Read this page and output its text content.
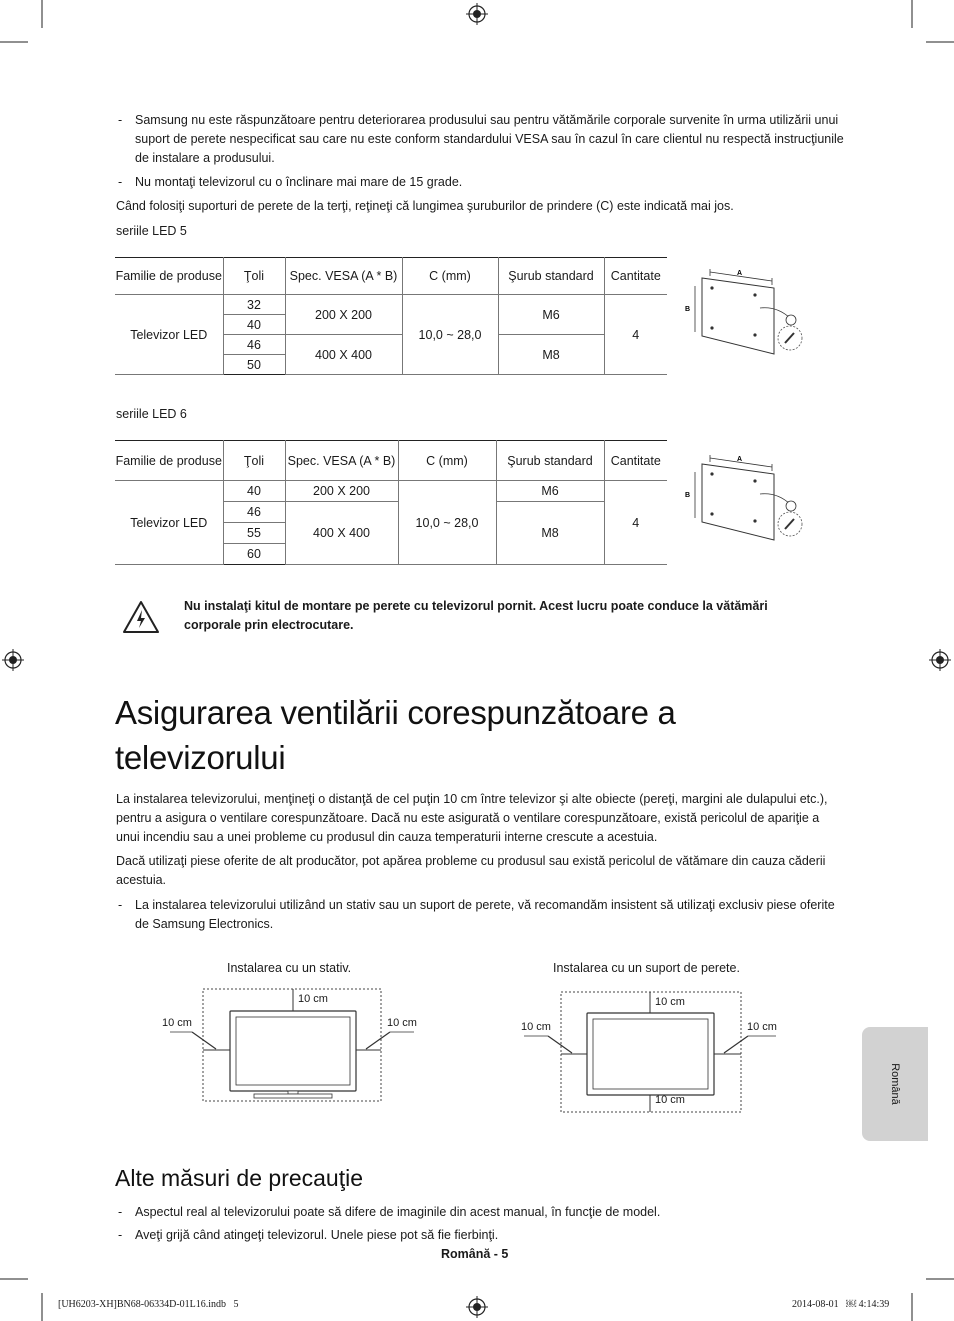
- Samsung nu este răspunzătoare pentru deteriorarea produsului sau pentru vătămările corporale survenite în urma utilizării unui suport de perete nespecificat sau care nu este conform standardului VESA sau în cazul în care clientul nu respectă instrucţiunile de instalare a produsului.
- Nu montaţi televizorul cu o înclinare mai mare de 15 grade.
Când folosiţi suporturi de perete de la terţi, reţineţi că lungimea şuruburilor de prindere (C) este indicată mai jos.
seriile LED 5
Familie de produse	Ţoli	Spec. VESA (A * B)	C (mm)	Şurub standard	Cantitate
Televizor LED	32	200 X 200	10,0 ~ 28,0	M6	4
	40				
	46	400 X 400		M8	
	50				
A
B
seriile LED 6
Familie de produse	Ţoli	Spec. VESA (A * B)	C (mm)	Şurub standard	Cantitate
Televizor LED	40	200 X 200	10,0 ~ 28,0	M6	4
	46	400 X 400		M8	
	55				
	60				
A
B
Nu instalaţi kitul de montare pe perete cu televizorul pornit. Acest lucru poate conduce la vătămări corporale prin electrocutare.
Asigurarea ventilării corespunzătoare a televizorului
La instalarea televizorului, menţineţi o distanţă de cel puţin 10 cm între televizor şi alte obiecte (pereţi, margini ale dulapului etc.), pentru a asigura o ventilare corespunzătoare. Dacă nu este asigurată o ventilare corespunzătoare, există pericolul de apariţie a unui incendiu sau a unei probleme cu produsul din cauza temperaturii interne crescute a acestuia.
Dacă utilizaţi piese oferite de alt producător, pot apărea probleme cu produsul sau există pericolul de vătămare din cauza căderii acestuia.
- La instalarea televizorului utilizând un stativ sau un suport de perete, vă recomandăm insistent să utilizaţi exclusiv piese oferite de Samsung Electronics.
Instalarea cu un stativ.
10 cm
10 cm	10 cm
Instalarea cu un suport de perete.
10 cm
10 cm	10 cm
10 cm	Română
Alte măsuri de precauţie
- Aspectul real al televizorului poate să difere de imaginile din acest manual, în funcţie de model.
- Aveţi grijă când atingeţi televizorul. Unele piese pot să fie fierbinţi.
Română - 5
[UH6203-XH]BN68-06334D-01L16.indb   5	2014-08-01   ￼ 4:14:39
